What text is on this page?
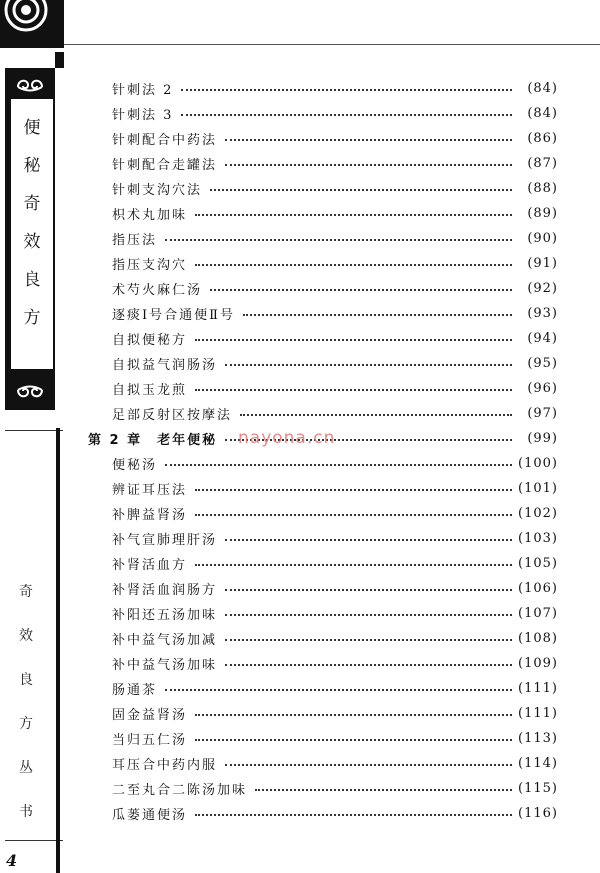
便
秘
奇
效
良
方
奇
效
良
方
丛
书
4
针刺法 2	(84)
针刺法 3	(84)
针刺配合中药法	(86)
针刺配合走罐法	(87)
针刺支沟穴法	(88)
枳术丸加味	(89)
指压法	(90)
指压支沟穴	(91)
术芍火麻仁汤	(92)
逐痰Ⅰ号合通便Ⅱ号	(93)
自拟便秘方	(94)
自拟益气润肠汤	(95)
自拟玉龙煎	(96)
足部反射区按摩法	(97)
第 2 章　老年便秘	(99)
便秘汤	(100)
辨证耳压法	(101)
补脾益肾汤	(102)
补气宣肺理肝汤	(103)
补肾活血方	(105)
补肾活血润肠方	(106)
补阳还五汤加味	(107)
补中益气汤加减	(108)
补中益气汤加味	(109)
肠通茶	(111)
固金益肾汤	(111)
当归五仁汤	(113)
耳压合中药内服	(114)
二至丸合二陈汤加味	(115)
瓜蒌通便汤	(116)
nayona.cn
